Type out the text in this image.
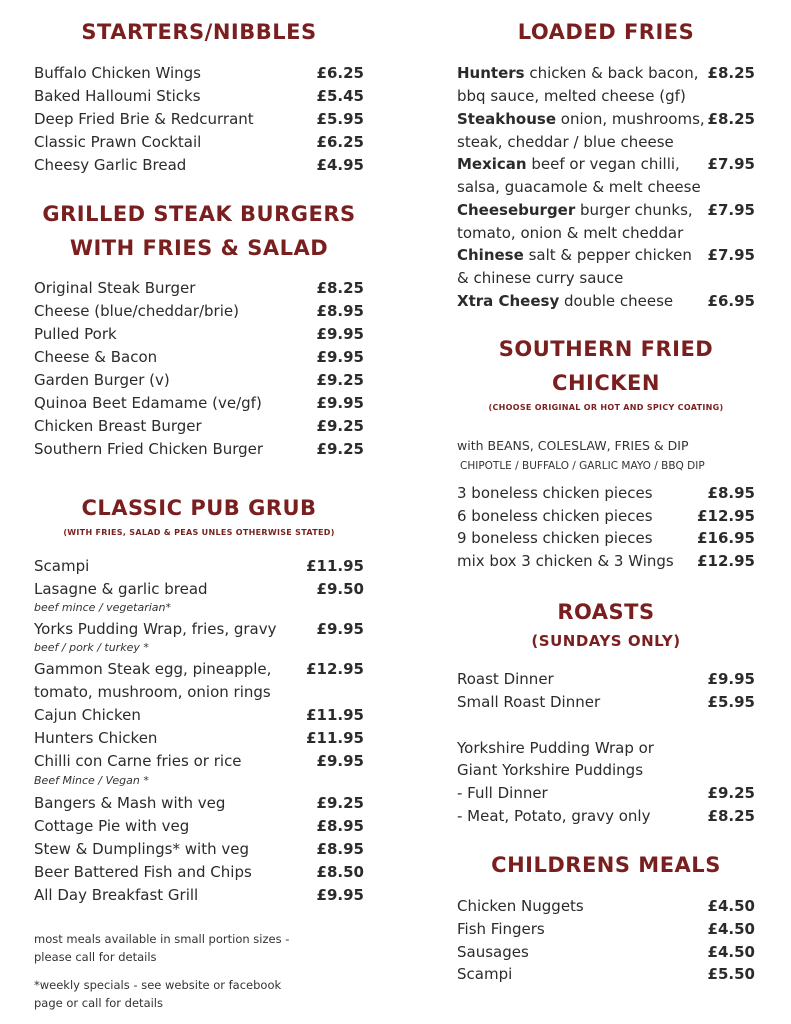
STARTERS/NIBBLES
Buffalo Chicken Wings	£6.25
Baked Halloumi Sticks	£5.45
Deep Fried Brie & Redcurrant	£5.95
Classic Prawn Cocktail	£6.25
Cheesy Garlic Bread	£4.95
GRILLED STEAK BURGERS
WITH FRIES & SALAD
Original Steak Burger	£8.25
Cheese (blue/cheddar/brie)	£8.95
Pulled Pork	£9.95
Cheese & Bacon	£9.95
Garden Burger (v)	£9.25
Quinoa Beet Edamame (ve/gf)	£9.95
Chicken Breast Burger	£9.25
Southern Fried Chicken Burger	£9.25
CLASSIC PUB GRUB
(WITH FRIES, SALAD & PEAS UNLES OTHERWISE STATED)
Scampi	£11.95
Lasagne & garlic bread	£9.50
beef mince / vegetarian*
Yorks Pudding Wrap, fries, gravy	£9.95
beef / pork / turkey *
Gammon Steak egg, pineapple, £12.95
tomato, mushroom, onion rings
Cajun Chicken	£11.95
Hunters Chicken	£11.95
Chilli con Carne fries or rice	£9.95
Beef Mince / Vegan *
Bangers & Mash with veg	£9.25
Cottage Pie with veg	£8.95
Stew & Dumplings* with veg	£8.95
Beer Battered Fish and Chips	£8.50
All Day Breakfast Grill	£9.95
most meals available in small portion sizes -
please call for details
*weekly specials - see website or facebook
page or call for details
LOADED FRIES
Hunters chicken & back bacon, £8.25
bbq sauce, melted cheese (gf)
Steakhouse onion, mushrooms, £8.25
steak, cheddar / blue cheese
Mexican beef or vegan chilli, £7.95
salsa, guacamole & melt cheese
Cheeseburger burger chunks, £7.95
tomato, onion & melt cheddar
Chinese salt & pepper chicken £7.95
& chinese curry sauce
Xtra Cheesy double cheese £6.95
SOUTHERN FRIED
CHICKEN
(CHOOSE ORIGINAL OR HOT AND SPICY COATING)
with BEANS, COLESLAW, FRIES & DIP
CHIPOTLE / BUFFALO / GARLIC MAYO / BBQ DIP
3 boneless chicken pieces	£8.95
6 boneless chicken pieces	£12.95
9 boneless chicken pieces	£16.95
mix box 3 chicken & 3 Wings £12.95
ROASTS
(SUNDAYS ONLY)
Roast Dinner	£9.95
Small Roast Dinner	£5.95
Yorkshire Pudding Wrap or
Giant Yorkshire Puddings
- Full Dinner	£9.25
- Meat, Potato, gravy only	£8.25
CHILDRENS MEALS
Chicken Nuggets	£4.50
Fish Fingers	£4.50
Sausages	£4.50
Scampi	£5.50
